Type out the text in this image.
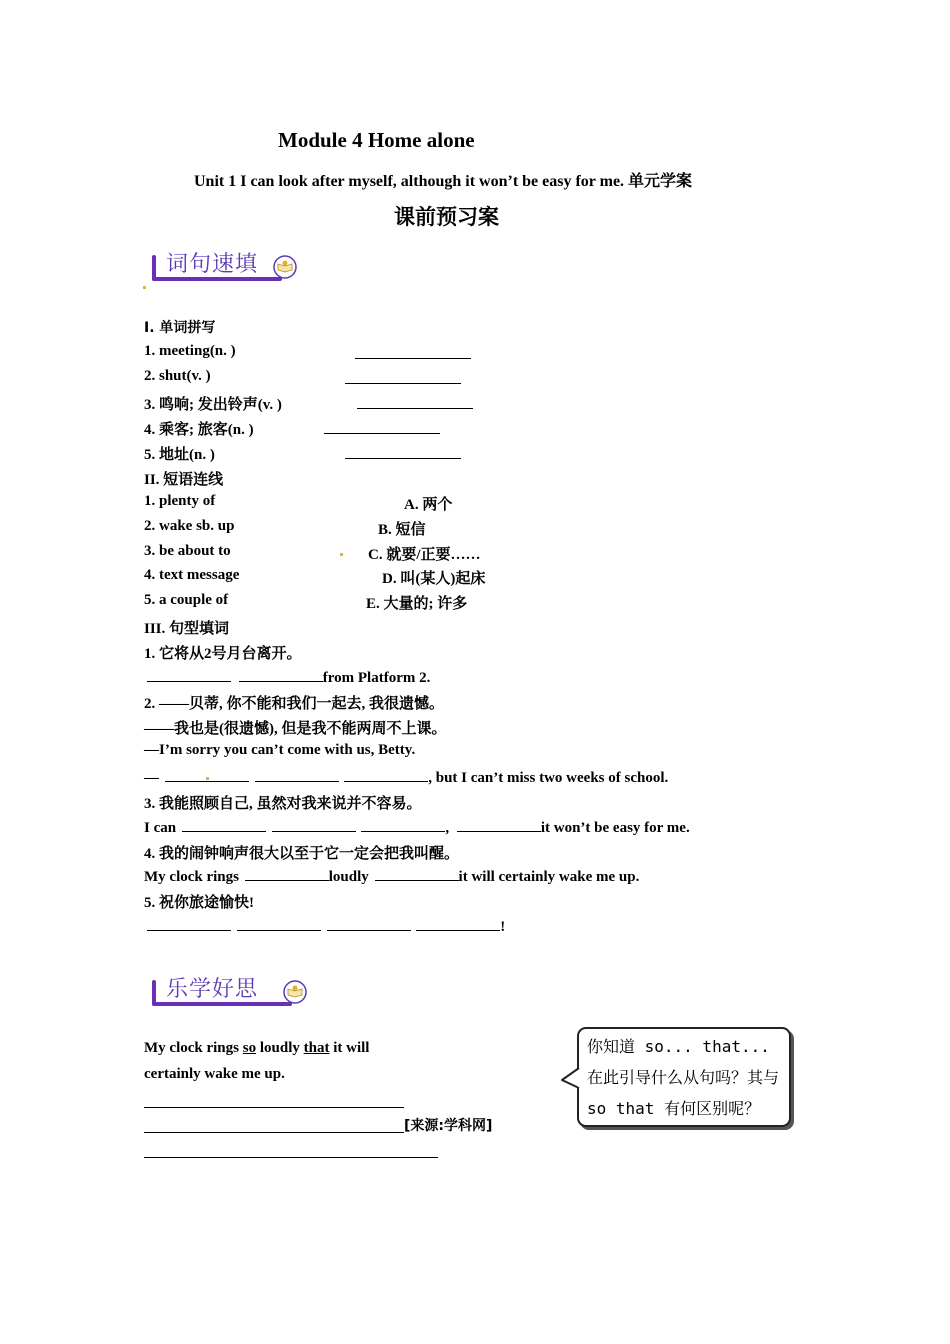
Module 4 Home alone
Unit 1 I can look after myself, although it won’t be easy for me. 单元学案
课前预习案
词句速填
I. 单词拼写
1. meeting(n. )
2. shut(v. )
3. 鸣响; 发出铃声(v. )
4. 乘客; 旅客(n. )
5. 地址(n. )
II. 短语连线
1. plenty of	A. 两个
2. wake sb. up	B. 短信
3. be about to	C. 就要/正要……
4. text message	D. 叫(某人)起床
5. a couple of	E. 大量的; 许多
III. 句型填词
1. 它将从2号月台离开。
from Platform 2.
2. ——贝蒂, 你不能和我们一起去, 我很遗憾。
——我也是(很遗憾), 但是我不能两周不上课。
—I’m sorry you can’t come with us, Betty.
—	, but I can’t miss two weeks of school.
3. 我能照顾自己, 虽然对我来说并不容易。
I can	,	it won’t be easy for me.
4. 我的闹钟响声很大以至于它一定会把我叫醒。
My clock rings	loudly	it will certainly wake me up.
5. 祝你旅途愉快!
!
乐学好思
My clock rings so loudly that it will
certainly wake me up.
[来源:学科网]
你知道 so... that... 在此引导什么从句吗？其与 so that 有何区别呢？
